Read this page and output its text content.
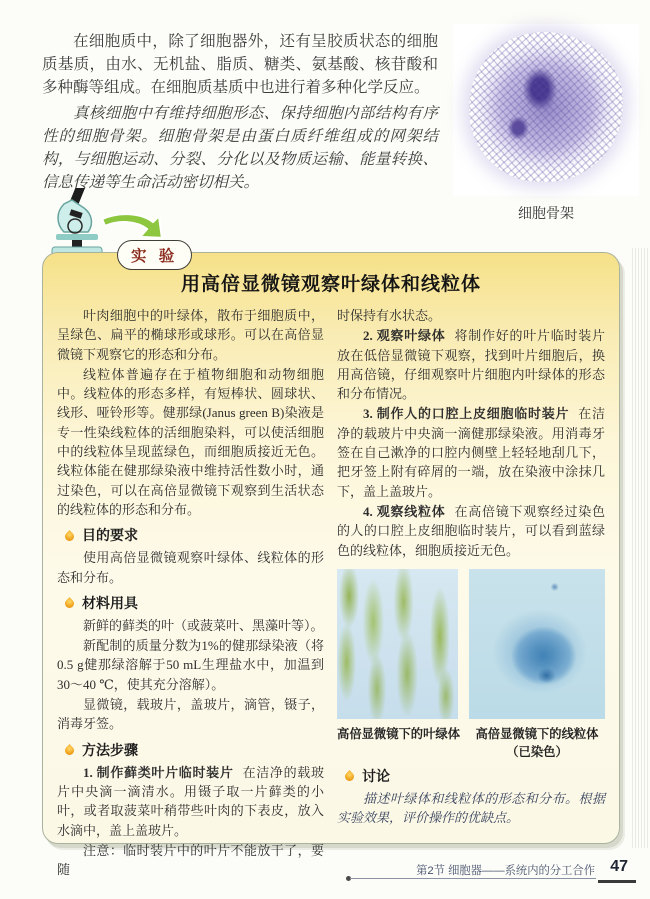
在细胞质中，除了细胞器外，还有呈胶质状态的细胞质基质，由水、无机盐、脂质、糖类、氨基酸、核苷酸和多种酶等组成。在细胞质基质中也进行着多种化学反应。

真核细胞中有维持细胞形态、保持细胞内部结构有序性的细胞骨架。细胞骨架是由蛋白质纤维组成的网架结构，与细胞运动、分裂、分化以及物质运输、能量转换、信息传递等生命活动密切相关。

细胞骨架
实 验
用高倍显微镜观察叶绿体和线粒体

叶肉细胞中的叶绿体，散布于细胞质中，呈绿色、扁平的椭球形或球形。可以在高倍显微镜下观察它的形态和分布。

线粒体普遍存在于植物细胞和动物细胞中。线粒体的形态多样，有短棒状、圆球状、线形、哑铃形等。健那绿(Janus green B)染液是专一性染线粒体的活细胞染料，可以使活细胞中的线粒体呈现蓝绿色，而细胞质接近无色。线粒体能在健那绿染液中维持活性数小时，通过染色，可以在高倍显微镜下观察到生活状态的线粒体的形态和分布。

目的要求

使用高倍显微镜观察叶绿体、线粒体的形态和分布。

材料用具

新鲜的藓类的叶（或菠菜叶、黑藻叶等）。

新配制的质量分数为1%的健那绿染液（将0.5 g健那绿溶解于50 mL生理盐水中，加温到30～40 ℃，使其充分溶解）。

显微镜，载玻片，盖玻片，滴管，镊子，消毒牙签。

方法步骤

1. 制作藓类叶片临时装片 在洁净的载玻片中央滴一滴清水。用镊子取一片藓类的小叶，或者取菠菜叶稍带些叶肉的下表皮，放入水滴中，盖上盖玻片。

注意：临时装片中的叶片不能放干了，要随

时保持有水状态。

2. 观察叶绿体 将制作好的叶片临时装片放在低倍显微镜下观察，找到叶片细胞后，换用高倍镜，仔细观察叶片细胞内叶绿体的形态和分布情况。

3. 制作人的口腔上皮细胞临时装片 在洁净的载玻片中央滴一滴健那绿染液。用消毒牙签在自己漱净的口腔内侧壁上轻轻地刮几下，把牙签上附有碎屑的一端，放在染液中涂抹几下，盖上盖玻片。

4. 观察线粒体 在高倍镜下观察经过染色的人的口腔上皮细胞临时装片，可以看到蓝绿色的线粒体，细胞质接近无色。

高倍显微镜下的叶绿体	高倍显微镜下的线粒体
（已染色）
讨论

描述叶绿体和线粒体的形态和分布。根据实验效果，评价操作的优缺点。

第2节 细胞器——系统内的分工合作 47
